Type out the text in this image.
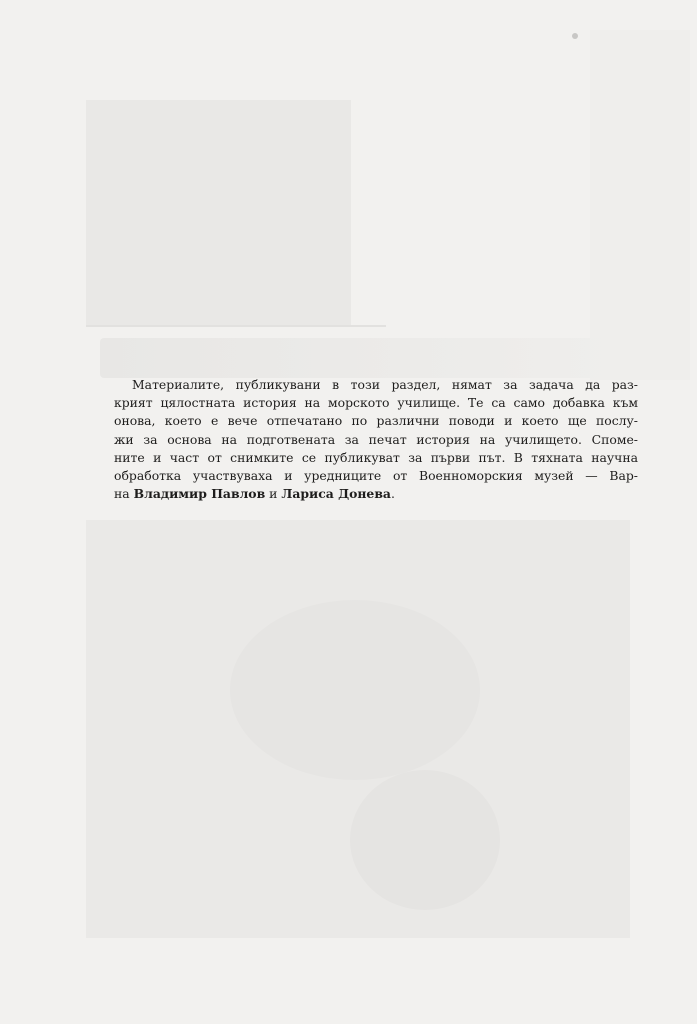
Материалите, публикувани в този раздел, нямат за задача да раз-
крият цялостната история на морското училище. Те са само добавка към
онова, което е вече отпечатано по различни поводи и което ще послу-
жи за основа на подготвената за печат история на училището. Споме-
ните и част от снимките се публикуват за първи път. В тяхната научна
обработка участвуваха и уредниците от Военноморския музей — Вар-
на Владимир Павлов и Лариса Донева.
